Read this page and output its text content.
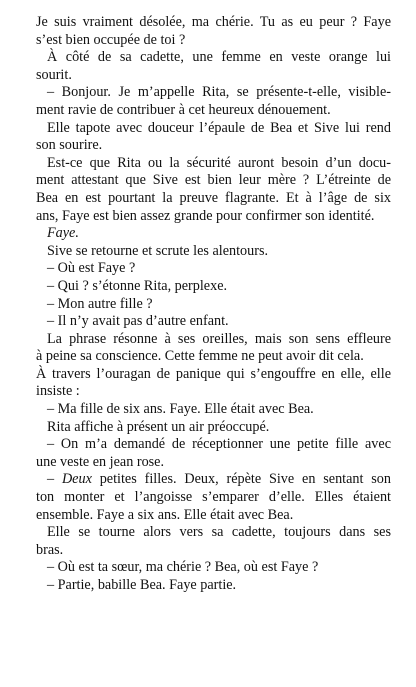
Je suis vraiment désolée, ma chérie. Tu as eu peur ? Faye
s’est bien occupée de toi ?
À côté de sa cadette, une femme en veste orange lui
sourit.
– Bonjour. Je m’appelle Rita, se présente-t-elle, visible-
ment ravie de contribuer à cet heureux dénouement.
Elle tapote avec douceur l’épaule de Bea et Sive lui rend
son sourire.
Est-ce que Rita ou la sécurité auront besoin d’un docu-
ment attestant que Sive est bien leur mère ? L’étreinte de
Bea en est pourtant la preuve flagrante. Et à l’âge de six
ans, Faye est bien assez grande pour confirmer son identité.
Faye.
Sive se retourne et scrute les alentours.
– Où est Faye ?
– Qui ? s’étonne Rita, perplexe.
– Mon autre fille ?
– Il n’y avait pas d’autre enfant.
La phrase résonne à ses oreilles, mais son sens effleure
à peine sa conscience. Cette femme ne peut avoir dit cela.
À travers l’ouragan de panique qui s’engouffre en elle, elle
insiste :
– Ma fille de six ans. Faye. Elle était avec Bea.
Rita affiche à présent un air préoccupé.
– On m’a demandé de réceptionner une petite fille avec
une veste en jean rose.
– Deux petites filles. Deux, répète Sive en sentant son
ton monter et l’angoisse s’emparer d’elle. Elles étaient
ensemble. Faye a six ans. Elle était avec Bea.
Elle se tourne alors vers sa cadette, toujours dans ses
bras.
– Où est ta sœur, ma chérie ? Bea, où est Faye ?
– Partie, babille Bea. Faye partie.
